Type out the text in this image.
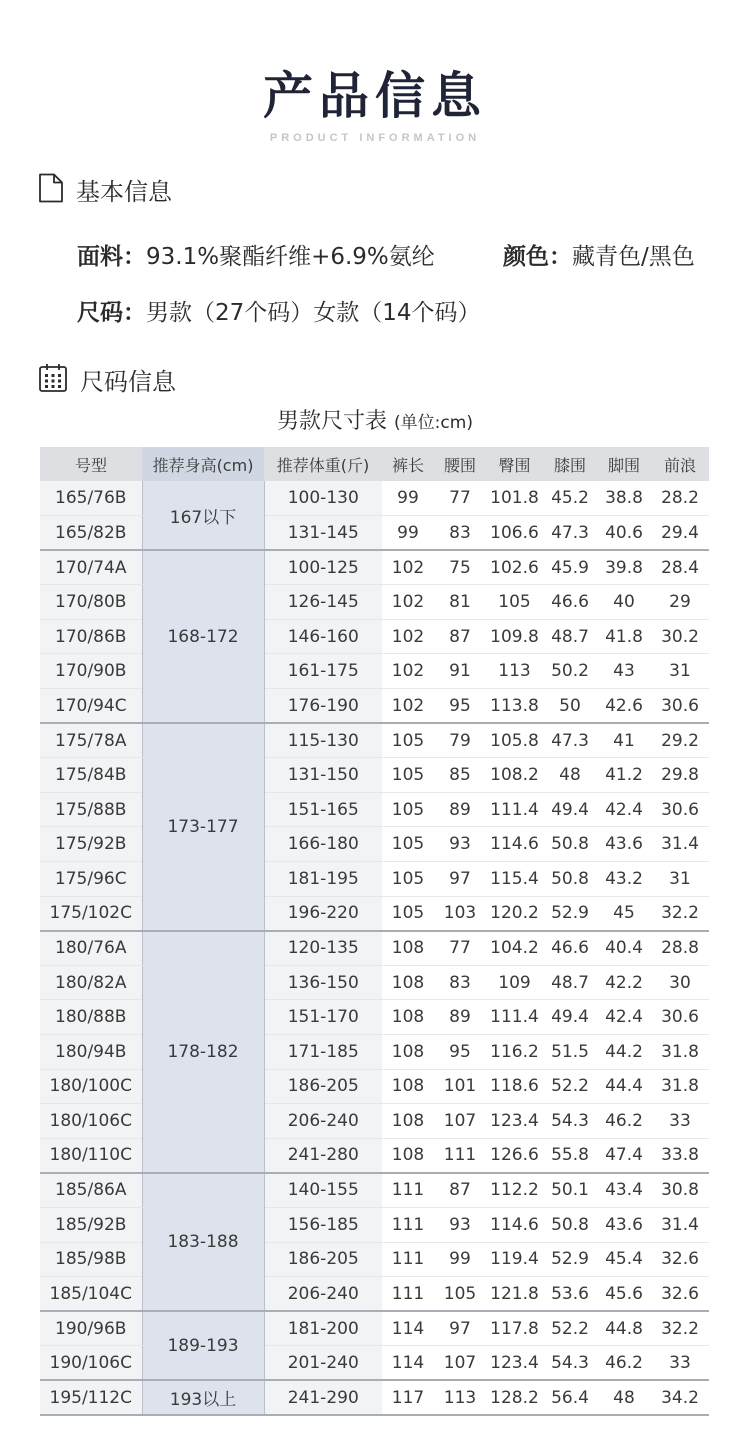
产品信息
PRODUCT INFORMATION
基本信息
面料：93.1%聚酯纤维+6.9%氨纶	颜色：藏青色/黑色
尺码：男款（27个码）女款（14个码）
尺码信息
男款尺寸表 (单位:cm)
号型	推荐身高(cm)	推荐体重(斤)	裤长	腰围	臀围	膝围	脚围	前浪
165/76B	167以下	100-130	99	77	101.8	45.2	38.8	28.2
165/82B		131-145	99	83	106.6	47.3	40.6	29.4
170/74A	168-172	100-125	102	75	102.6	45.9	39.8	28.4
170/80B		126-145	102	81	105	46.6	40	29
170/86B		146-160	102	87	109.8	48.7	41.8	30.2
170/90B		161-175	102	91	113	50.2	43	31
170/94C		176-190	102	95	113.8	50	42.6	30.6
175/78A	173-177	115-130	105	79	105.8	47.3	41	29.2
175/84B		131-150	105	85	108.2	48	41.2	29.8
175/88B		151-165	105	89	111.4	49.4	42.4	30.6
175/92B		166-180	105	93	114.6	50.8	43.6	31.4
175/96C		181-195	105	97	115.4	50.8	43.2	31
175/102C		196-220	105	103	120.2	52.9	45	32.2
180/76A	178-182	120-135	108	77	104.2	46.6	40.4	28.8
180/82A		136-150	108	83	109	48.7	42.2	30
180/88B		151-170	108	89	111.4	49.4	42.4	30.6
180/94B		171-185	108	95	116.2	51.5	44.2	31.8
180/100C		186-205	108	101	118.6	52.2	44.4	31.8
180/106C		206-240	108	107	123.4	54.3	46.2	33
180/110C		241-280	108	111	126.6	55.8	47.4	33.8
185/86A	183-188	140-155	111	87	112.2	50.1	43.4	30.8
185/92B		156-185	111	93	114.6	50.8	43.6	31.4
185/98B		186-205	111	99	119.4	52.9	45.4	32.6
185/104C		206-240	111	105	121.8	53.6	45.6	32.6
190/96B	189-193	181-200	114	97	117.8	52.2	44.8	32.2
190/106C		201-240	114	107	123.4	54.3	46.2	33
195/112C	193以上	241-290	117	113	128.2	56.4	48	34.2
